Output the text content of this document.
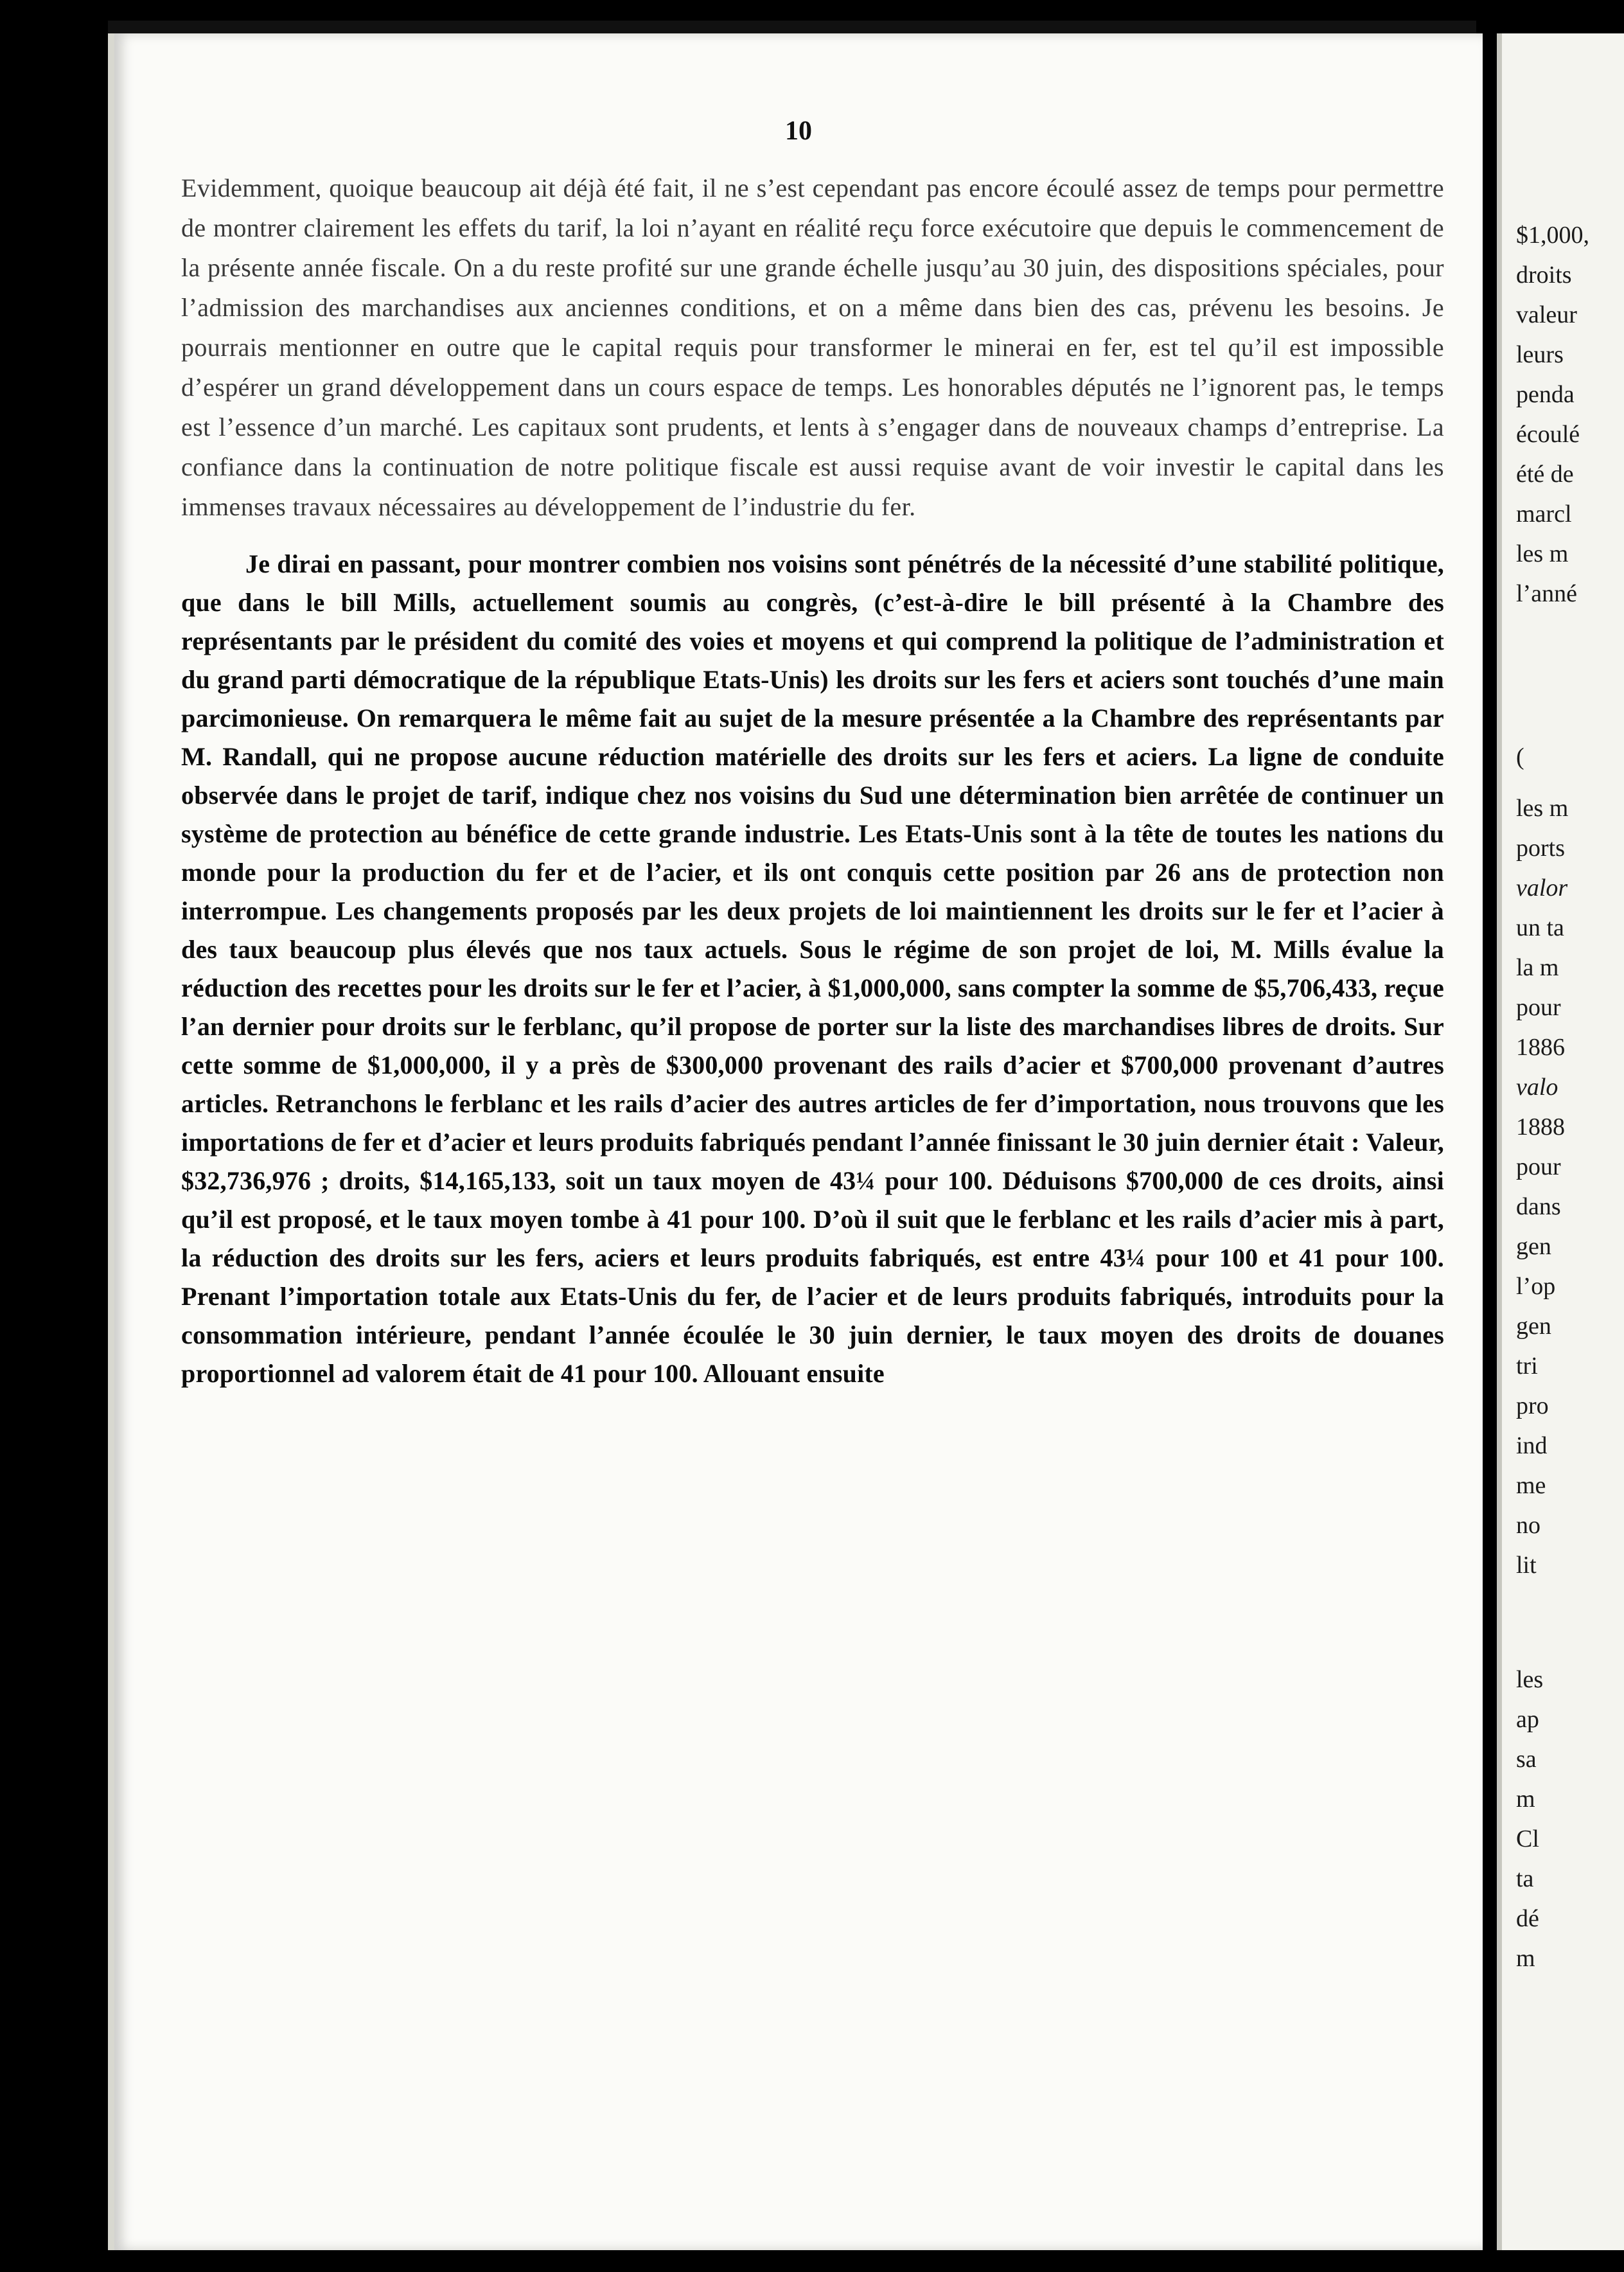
10

Evidemment, quoique beaucoup ait déjà été fait, il ne s’est cependant pas encore écoulé assez de temps pour permettre de montrer clairement les effets du tarif, la loi n’ayant en réalité reçu force exécutoire que depuis le commencement de la présente année fiscale. On a du reste profité sur une grande échelle jusqu’au 30 juin, des dispositions spéciales, pour l’admission des marchandises aux anciennes conditions, et on a même dans bien des cas, prévenu les besoins. Je pourrais mentionner en outre que le capital requis pour transformer le minerai en fer, est tel qu’il est impossible d’espérer un grand développement dans un cours espace de temps. Les honorables députés ne l’ignorent pas, le temps est l’essence d’un marché. Les capitaux sont prudents, et lents à s’engager dans de nouveaux champs d’entreprise. La confiance dans la continuation de notre politique fiscale est aussi requise avant de voir investir le capital dans les immenses travaux nécessaires au développement de l’industrie du fer.

Je dirai en passant, pour montrer combien nos voisins sont pénétrés de la nécessité d’une stabilité politique, que dans le bill Mills, actuellement soumis au congrès, (c’est-à-dire le bill présenté à la Chambre des représentants par le président du comité des voies et moyens et qui comprend la politique de l’administration et du grand parti démocratique de la république Etats-Unis) les droits sur les fers et aciers sont touchés d’une main parcimonieuse. On remarquera le même fait au sujet de la mesure présentée a la Chambre des représentants par M. Randall, qui ne propose aucune réduction matérielle des droits sur les fers et aciers. La ligne de conduite observée dans le projet de tarif, indique chez nos voisins du Sud une détermination bien arrêtée de continuer un système de protection au bénéfice de cette grande industrie. Les Etats-Unis sont à la tête de toutes les nations du monde pour la production du fer et de l’acier, et ils ont conquis cette position par 26 ans de protection non interrompue. Les changements proposés par les deux projets de loi maintiennent les droits sur le fer et l’acier à des taux beaucoup plus élevés que nos taux actuels. Sous le régime de son projet de loi, M. Mills évalue la réduction des recettes pour les droits sur le fer et l’acier, à $1,000,000, sans compter la somme de $5,706,433, reçue l’an dernier pour droits sur le ferblanc, qu’il propose de porter sur la liste des marchandises libres de droits. Sur cette somme de $1,000,000, il y a près de $300,000 provenant des rails d’acier et $700,000 provenant d’autres articles. Retranchons le ferblanc et les rails d’acier des autres articles de fer d’importation, nous trouvons que les importations de fer et d’acier et leurs produits fabriqués pendant l’année finissant le 30 juin dernier était : Valeur, $32,736,976 ; droits, $14,165,133, soit un taux moyen de 43¼ pour 100. Déduisons $700,000 de ces droits, ainsi qu’il est proposé, et le taux moyen tombe à 41 pour 100. D’où il suit que le ferblanc et les rails d’acier mis à part, la réduction des droits sur les fers, aciers et leurs produits fabriqués, est entre 43¼ pour 100 et 41 pour 100. Prenant l’importation totale aux Etats-Unis du fer, de l’acier et de leurs produits fabriqués, introduits pour la consommation intérieure, pendant l’année écoulée le 30 juin dernier, le taux moyen des droits de douanes proportionnel ad valorem était de 41 pour 100. Allouant ensuite

$1,000,
droits
valeur
leurs
penda
écoulé
été de
marcl
les m
l’anné
(
les m
ports
valor
un ta
la m
pour
1886
valo
1888
pour
dans
gen
l’op
gen
tri
pro
ind
me
no
lit
les
ap
sa
m
Cl
ta
dé
m
